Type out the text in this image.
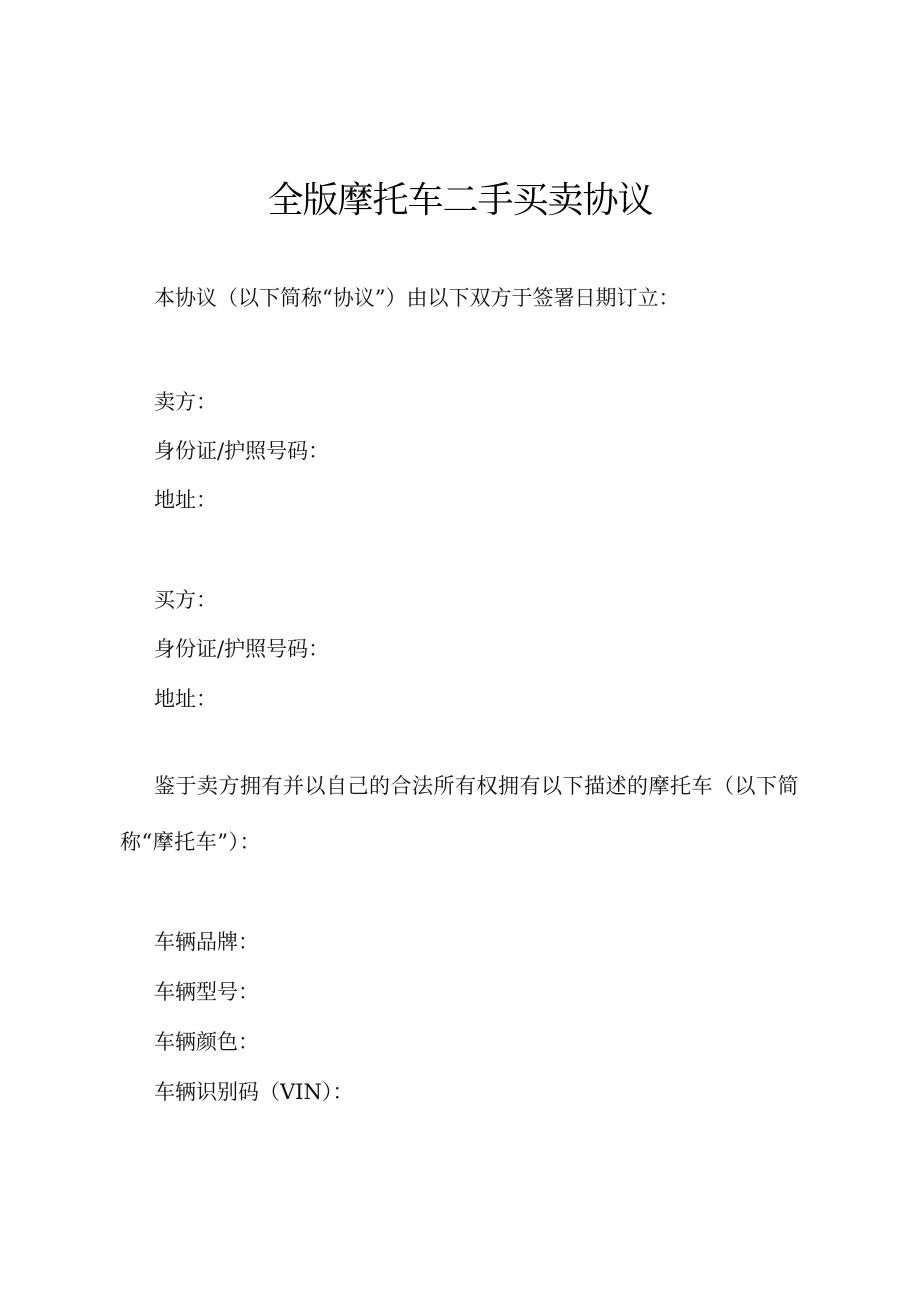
全版摩托车二手买卖协议

本协议（以下简称“协议”）由以下双方于签署日期订立：

卖方：

身份证/护照号码：

地址：

买方：

身份证/护照号码：

地址：

鉴于卖方拥有并以自己的合法所有权拥有以下描述的摩托车（以下简称“摩托车”）：

车辆品牌：

车辆型号：

车辆颜色：

车辆识别码（VIN）：
